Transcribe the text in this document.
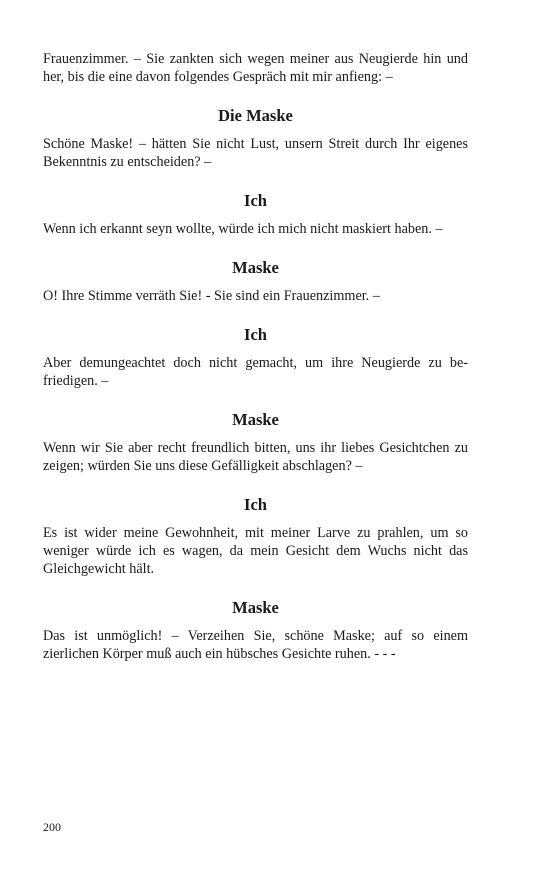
Frauenzimmer. – Sie zankten sich wegen meiner aus Neugierde hin und her, bis die eine davon folgendes Gespräch mit mir anfieng: –

Die Maske

Schöne Maske! – hätten Sie nicht Lust, unsern Streit durch Ihr eigenes Bekenntnis zu entscheiden? –

Ich

Wenn ich erkannt seyn wollte, würde ich mich nicht maskiert haben. –

Maske

O! Ihre Stimme verräth Sie! - Sie sind ein Frauenzimmer. –

Ich

Aber demungeachtet doch nicht gemacht, um ihre Neugierde zu befriedigen. –

Maske

Wenn wir Sie aber recht freundlich bitten, uns ihr liebes Gesichtchen zu zeigen; würden Sie uns diese Gefälligkeit abschlagen? –

Ich

Es ist wider meine Gewohnheit, mit meiner Larve zu prahlen, um so weniger würde ich es wagen, da mein Gesicht dem Wuchs nicht das Gleichgewicht hält.

Maske

Das ist unmöglich! – Verzeihen Sie, schöne Maske; auf so einem zierlichen Körper muß auch ein hübsches Gesichte ruhen. - - -

200
